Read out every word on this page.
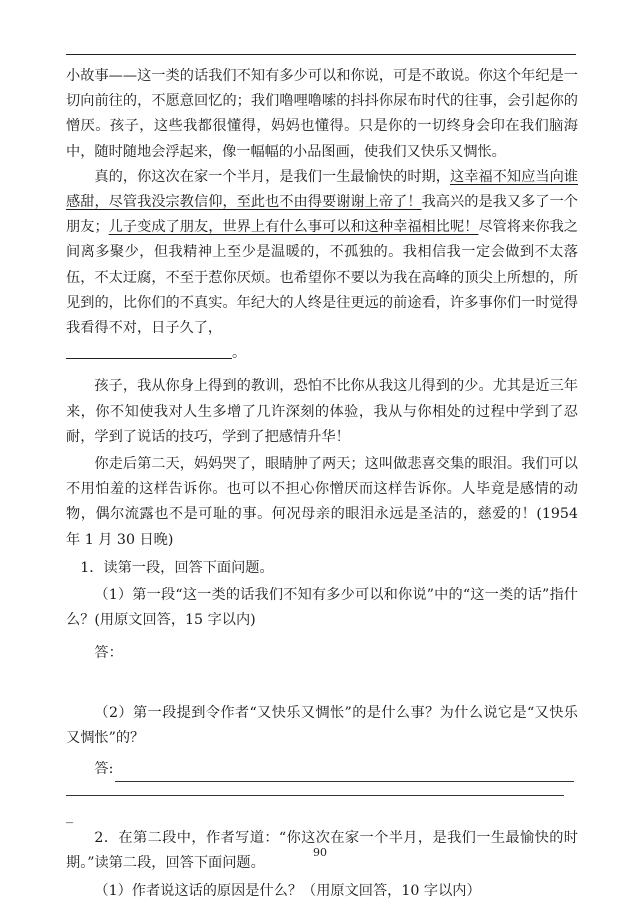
小故事——这一类的话我们不知有多少可以和你说，可是不敢说。你这个年纪是一切向前往的，不愿意回忆的；我们噜哩噜嗦的抖抖你尿布时代的往事，会引起你的憎厌。孩子，这些我都很懂得，妈妈也懂得。只是你的一切终身会印在我们脑海中，随时随地会浮起来，像一幅幅的小品图画，使我们又快乐又惆怅。

真的，你这次在家一个半月，是我们一生最愉快的时期，这幸福不知应当向谁感甜，尽管我没宗教信仰，至此也不由得要谢谢上帝了！我高兴的是我又多了一个朋友；儿子变成了朋友，世界上有什么事可以和这种幸福相比呢！尽管将来你我之间离多聚少，但我精神上至少是温暖的，不孤独的。我相信我一定会做到不太落伍，不太迂腐，不至于惹你厌烦。也希望你不要以为我在高峰的顶尖上所想的，所见到的，比你们的不真实。年纪大的人终是往更远的前途看，许多事你们一时觉得我看得不对，日子久了，
。

孩子，我从你身上得到的教训，恐怕不比你从我这儿得到的少。尤其是近三年来，你不知使我对人生多增了几许深刻的体验，我从与你相处的过程中学到了忍耐，学到了说话的技巧，学到了把感情升华！

你走后第二天，妈妈哭了，眼睛肿了两天；这叫做悲喜交集的眼泪。我们可以不用怕羞的这样告诉你。也可以不担心你憎厌而这样告诉你。人毕竟是感情的动物，偶尔流露也不是可耻的事。何况母亲的眼泪永远是圣洁的，慈爱的！(1954 年 1 月 30 日晚)

1．读第一段，回答下面问题。

（1）第一段“这一类的话我们不知有多少可以和你说”中的“这一类的话”指什么？(用原文回答，15 字以内)

答：

（2）第一段提到令作者“又快乐又惆怅”的是什么事？为什么说它是“又快乐又惆怅”的？

答:

_

2．在第二段中，作者写道：“你这次在家一个半月，是我们一生最愉快的时期。”读第二段，回答下面问题。

（1）作者说这话的原因是什么？（用原文回答，10 字以内）

90
